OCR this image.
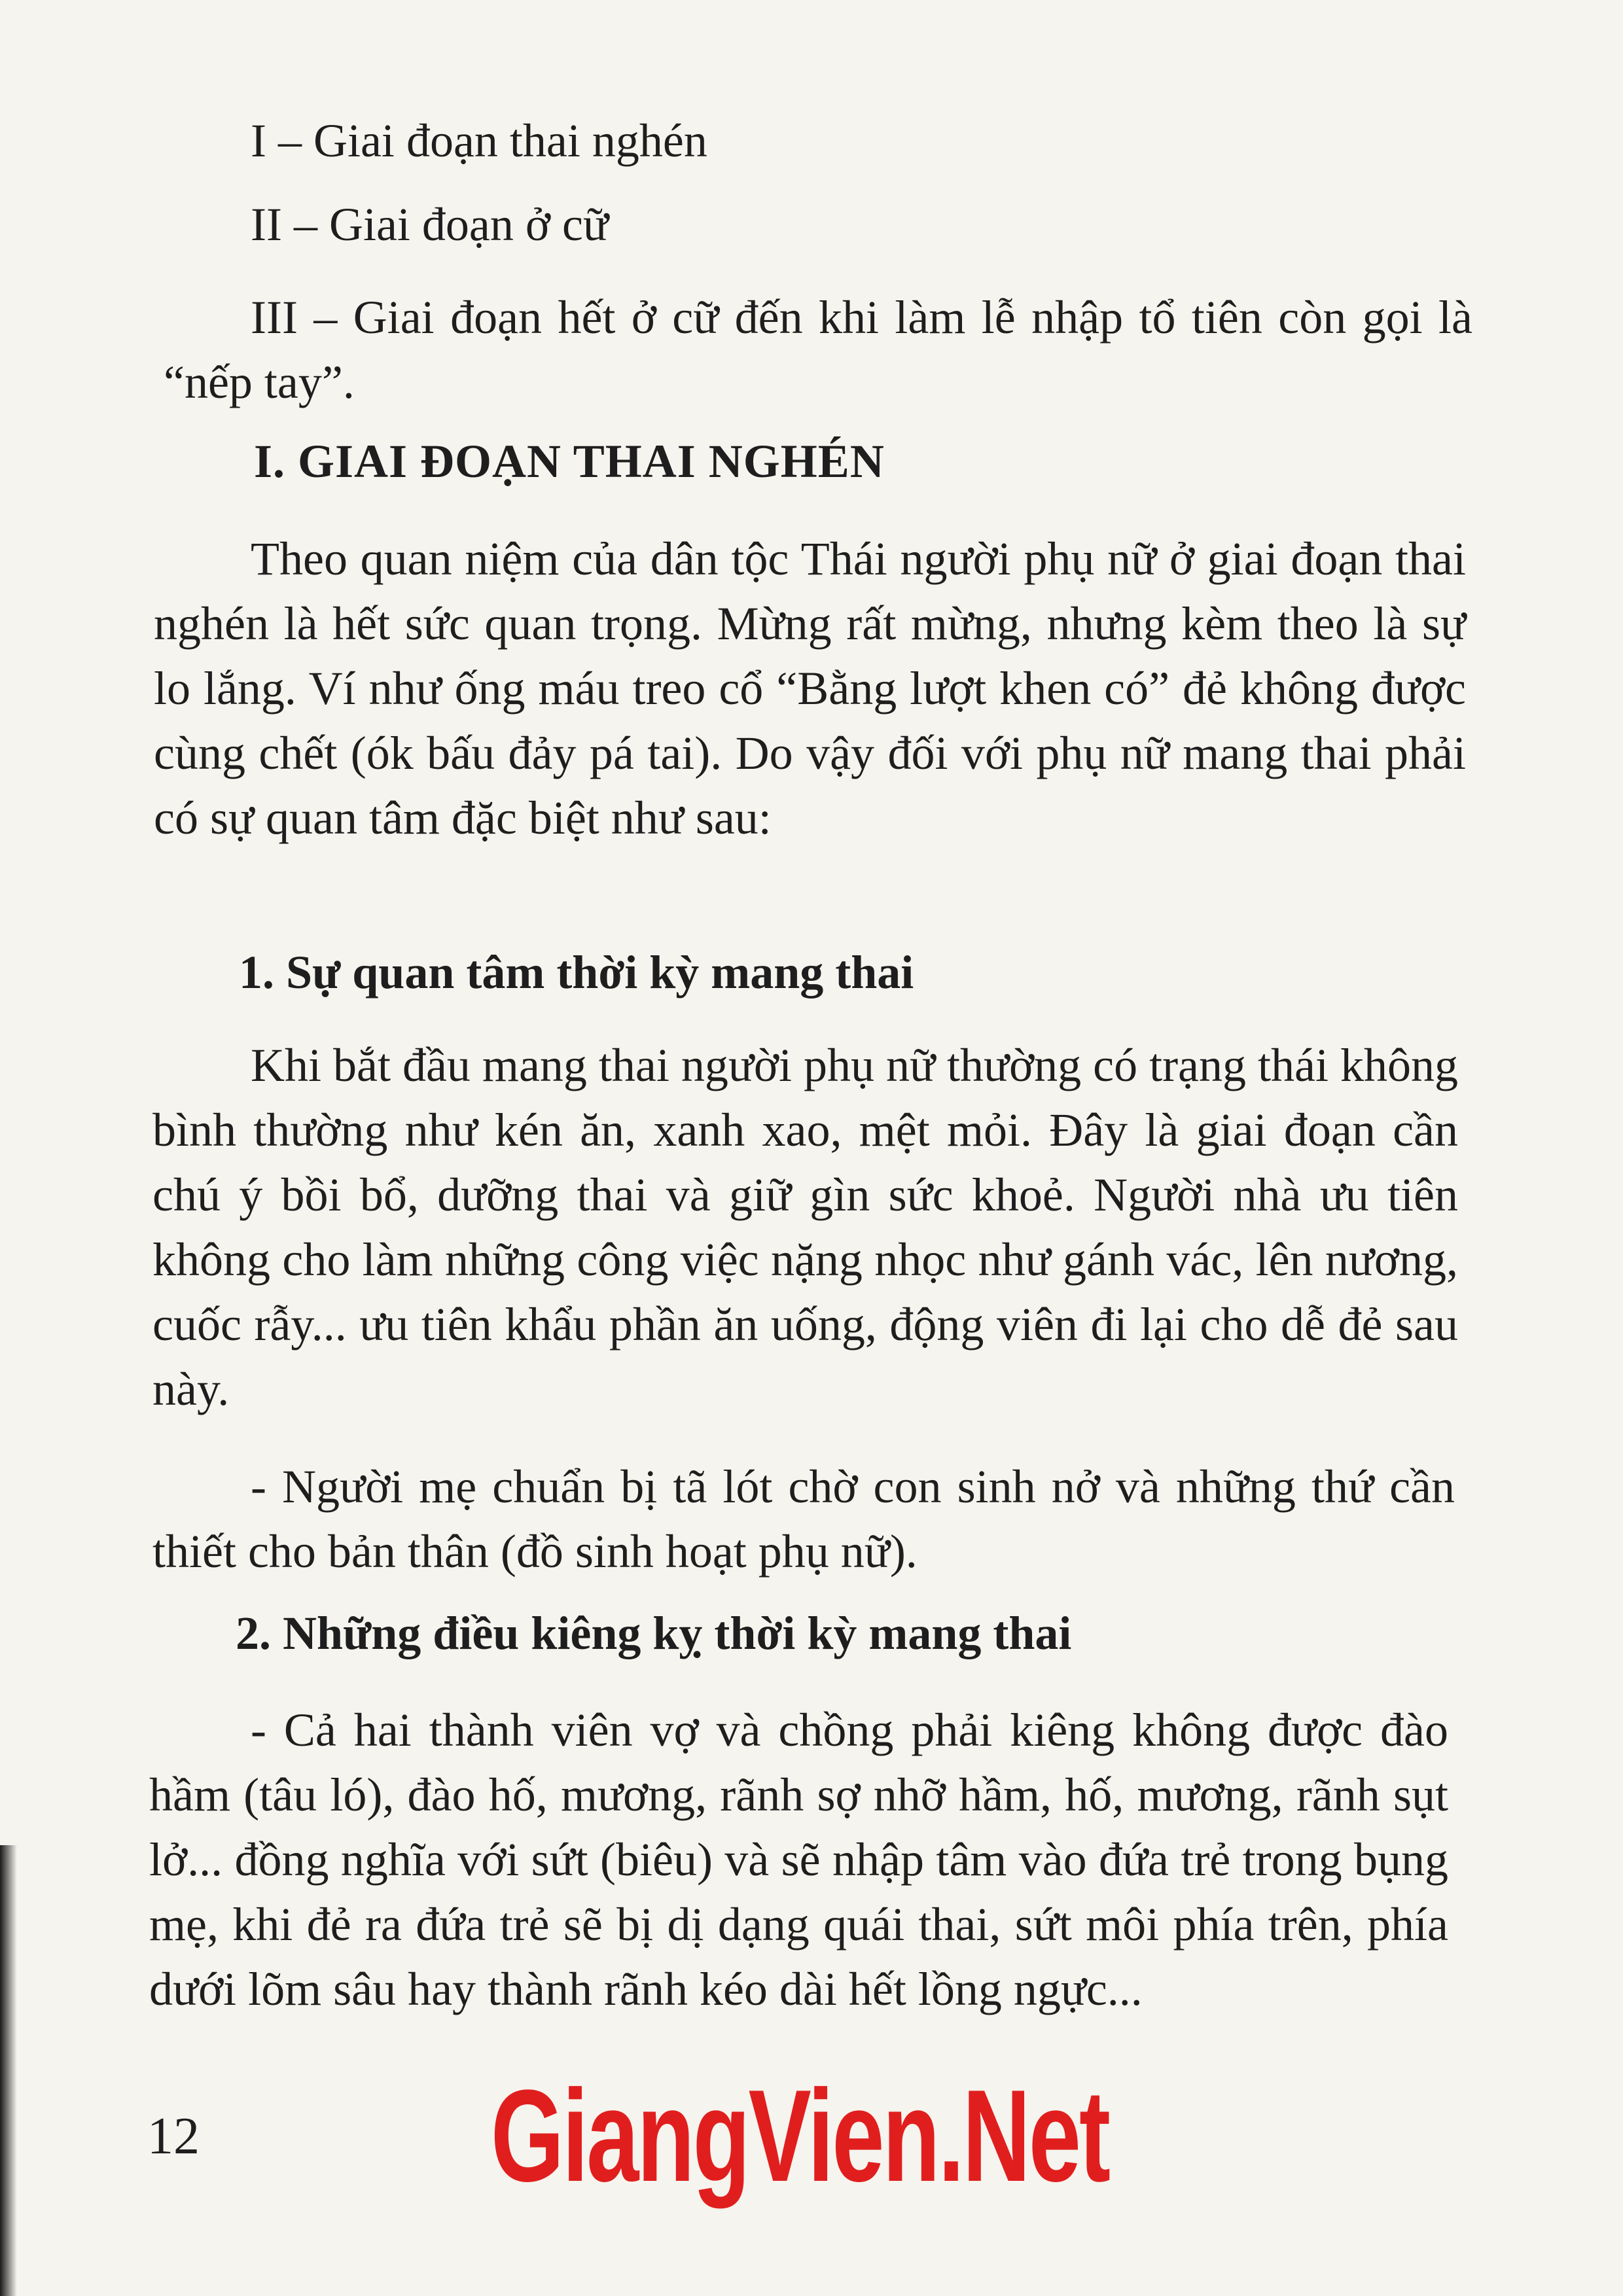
I – Giai đoạn thai nghén
II – Giai đoạn ở cữ
III – Giai đoạn hết ở cữ đến khi làm lễ nhập tổ tiên còn gọi là “nếp tay”.
I. GIAI ĐOẠN THAI NGHÉN
Theo quan niệm của dân tộc Thái người phụ nữ ở giai đoạn thai nghén là hết sức quan trọng. Mừng rất mừng, nhưng kèm theo là sự lo lắng. Ví như ống máu treo cổ “Bằng lượt khen có” đẻ không được cùng chết (ók bấu đảy pá tai). Do vậy đối với phụ nữ mang thai phải có sự quan tâm đặc biệt như sau:
1. Sự quan tâm thời kỳ mang thai
Khi bắt đầu mang thai người phụ nữ thường có trạng thái không bình thường như kén ăn, xanh xao, mệt mỏi. Đây là giai đoạn cần chú ý bồi bổ, dưỡng thai và giữ gìn sức khoẻ. Người nhà ưu tiên không cho làm những công việc nặng nhọc như gánh vác, lên nương, cuốc rẫy... ưu tiên khẩu phần ăn uống, động viên đi lại cho dễ đẻ sau này.
- Người mẹ chuẩn bị tã lót chờ con sinh nở và những thứ cần thiết cho bản thân (đồ sinh hoạt phụ nữ).
2. Những điều kiêng kỵ thời kỳ mang thai
- Cả hai thành viên vợ và chồng phải kiêng không được đào hầm (tâu ló), đào hố, mương, rãnh sợ nhỡ hầm, hố, mương, rãnh sụt lở... đồng nghĩa với sứt (biêu) và sẽ nhập tâm vào đứa trẻ trong bụng mẹ, khi đẻ ra đứa trẻ sẽ bị dị dạng quái thai, sứt môi phía trên, phía dưới lõm sâu hay thành rãnh kéo dài hết lồng ngực...
12 GiangVien.Net
